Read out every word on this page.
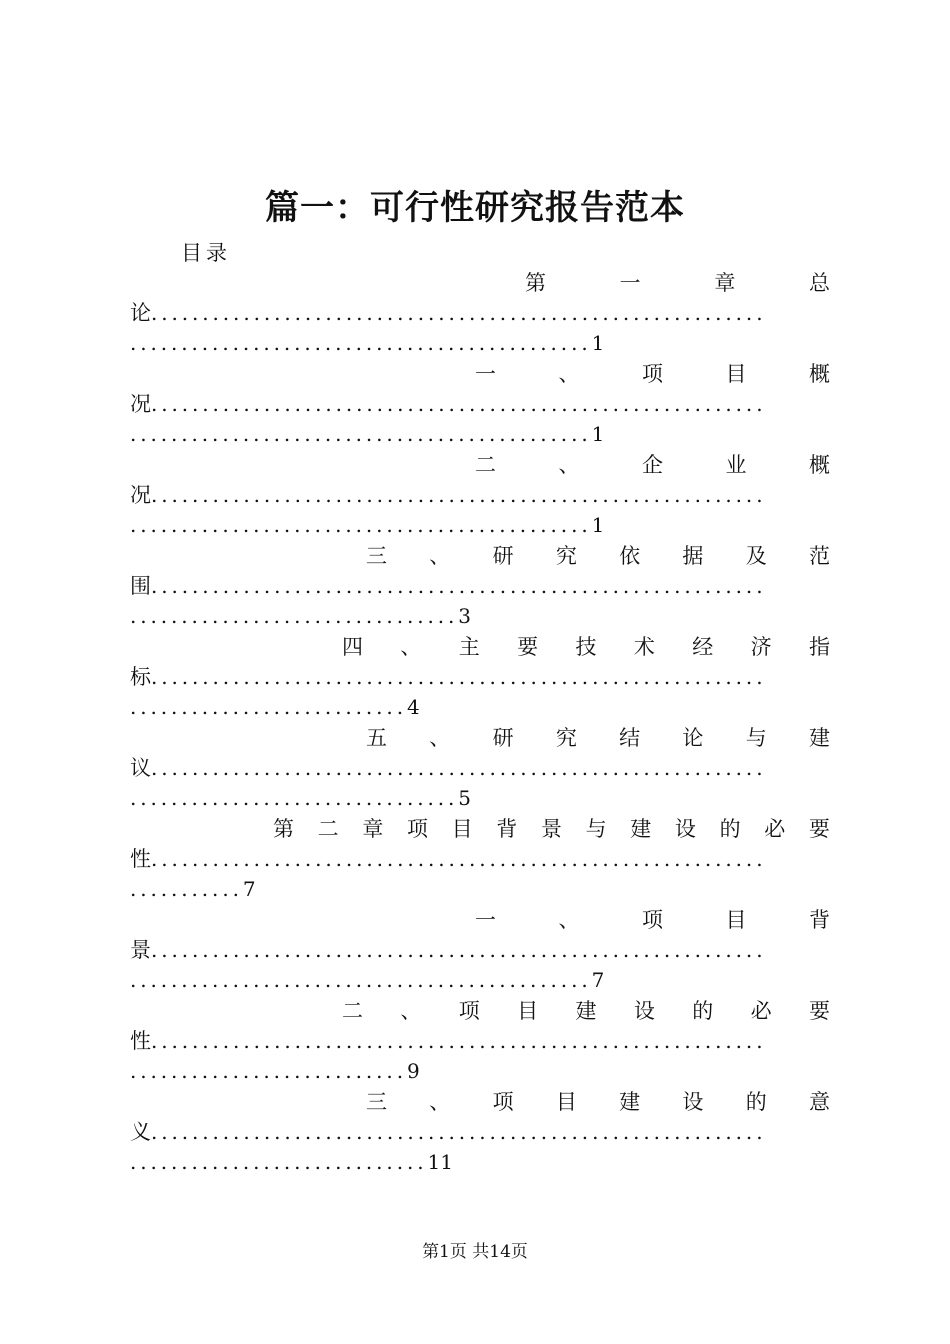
篇一：可行性研究报告范本
目录
第	一	章	总
论 ............................................................
............................................. 1
一	、	项	目	概
况 ............................................................
............................................. 1
二	、	企	业	概
况 ............................................................
............................................. 1
三 、 研 究 依 据 及 范
围 ............................................................
................................ 3
四 、 主 要 技 术 经 济 指
标 ............................................................
........................... 4
五 、 研 究 结 论 与 建
议 ............................................................
................................ 5
第 二 章 项 目 背 景 与 建 设 的 必 要
性 ............................................................
........... 7
一	、	项	目	背
景 ............................................................
............................................. 7
二 、 项 目 建 设 的 必 要
性 ............................................................
........................... 9
三 、 项 目 建 设 的 意
义 ............................................................
............................. 11
第1页 共14页
